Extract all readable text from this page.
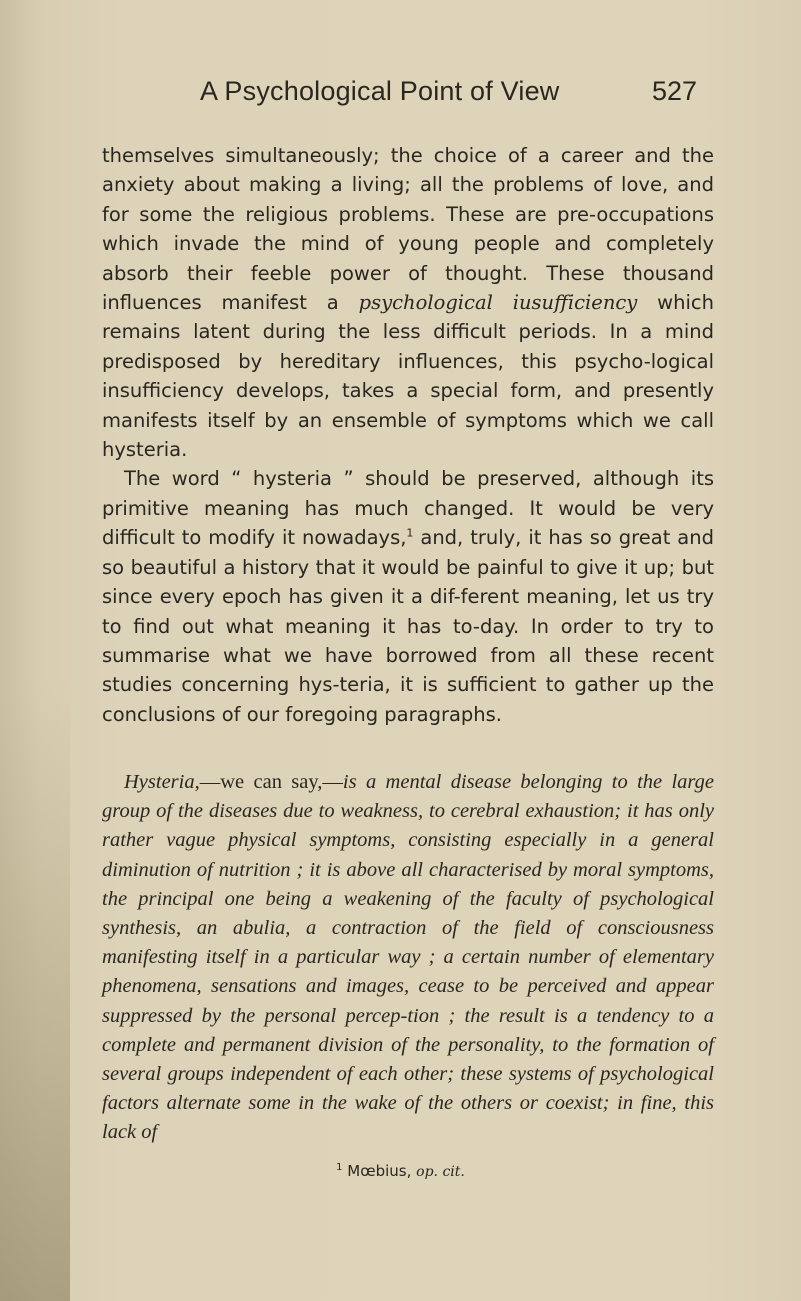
A Psychological Point of View	527

themselves simultaneously; the choice of a career and the anxiety about making a living; all the problems of love, and for some the religious problems. These are pre-occupations which invade the mind of young people and completely absorb their feeble power of thought. These thousand influences manifest a psychological iusufficiency which remains latent during the less difficult periods. In a mind predisposed by hereditary influences, this psycho-logical insufficiency develops, takes a special form, and presently manifests itself by an ensemble of symptoms which we call hysteria.

The word “ hysteria ” should be preserved, although its primitive meaning has much changed. It would be very difficult to modify it nowadays,$^1$ and, truly, it has so great and so beautiful a history that it would be painful to give it up; but since every epoch has given it a dif-ferent meaning, let us try to find out what meaning it has to-day. In order to try to summarise what we have borrowed from all these recent studies concerning hys-teria, it is sufficient to gather up the conclusions of our foregoing paragraphs.

Hysteria,—we can say,—is a mental disease belonging to the large group of the diseases due to weakness, to cerebral exhaustion; it has only rather vague physical symptoms, consisting especially in a general diminution of nutrition ; it is above all characterised by moral symptoms, the principal one being a weakening of the faculty of psychological synthesis, an abulia, a contraction of the field of consciousness manifesting itself in a particular way ; a certain number of elementary phenomena, sensations and images, cease to be perceived and appear suppressed by the personal percep-tion ; the result is a tendency to a complete and permanent division of the personality, to the formation of several groups independent of each other; these systems of psychological factors alternate some in the wake of the others or coexist; in fine, this lack of

$^1$ Mœbius, op. cit.
